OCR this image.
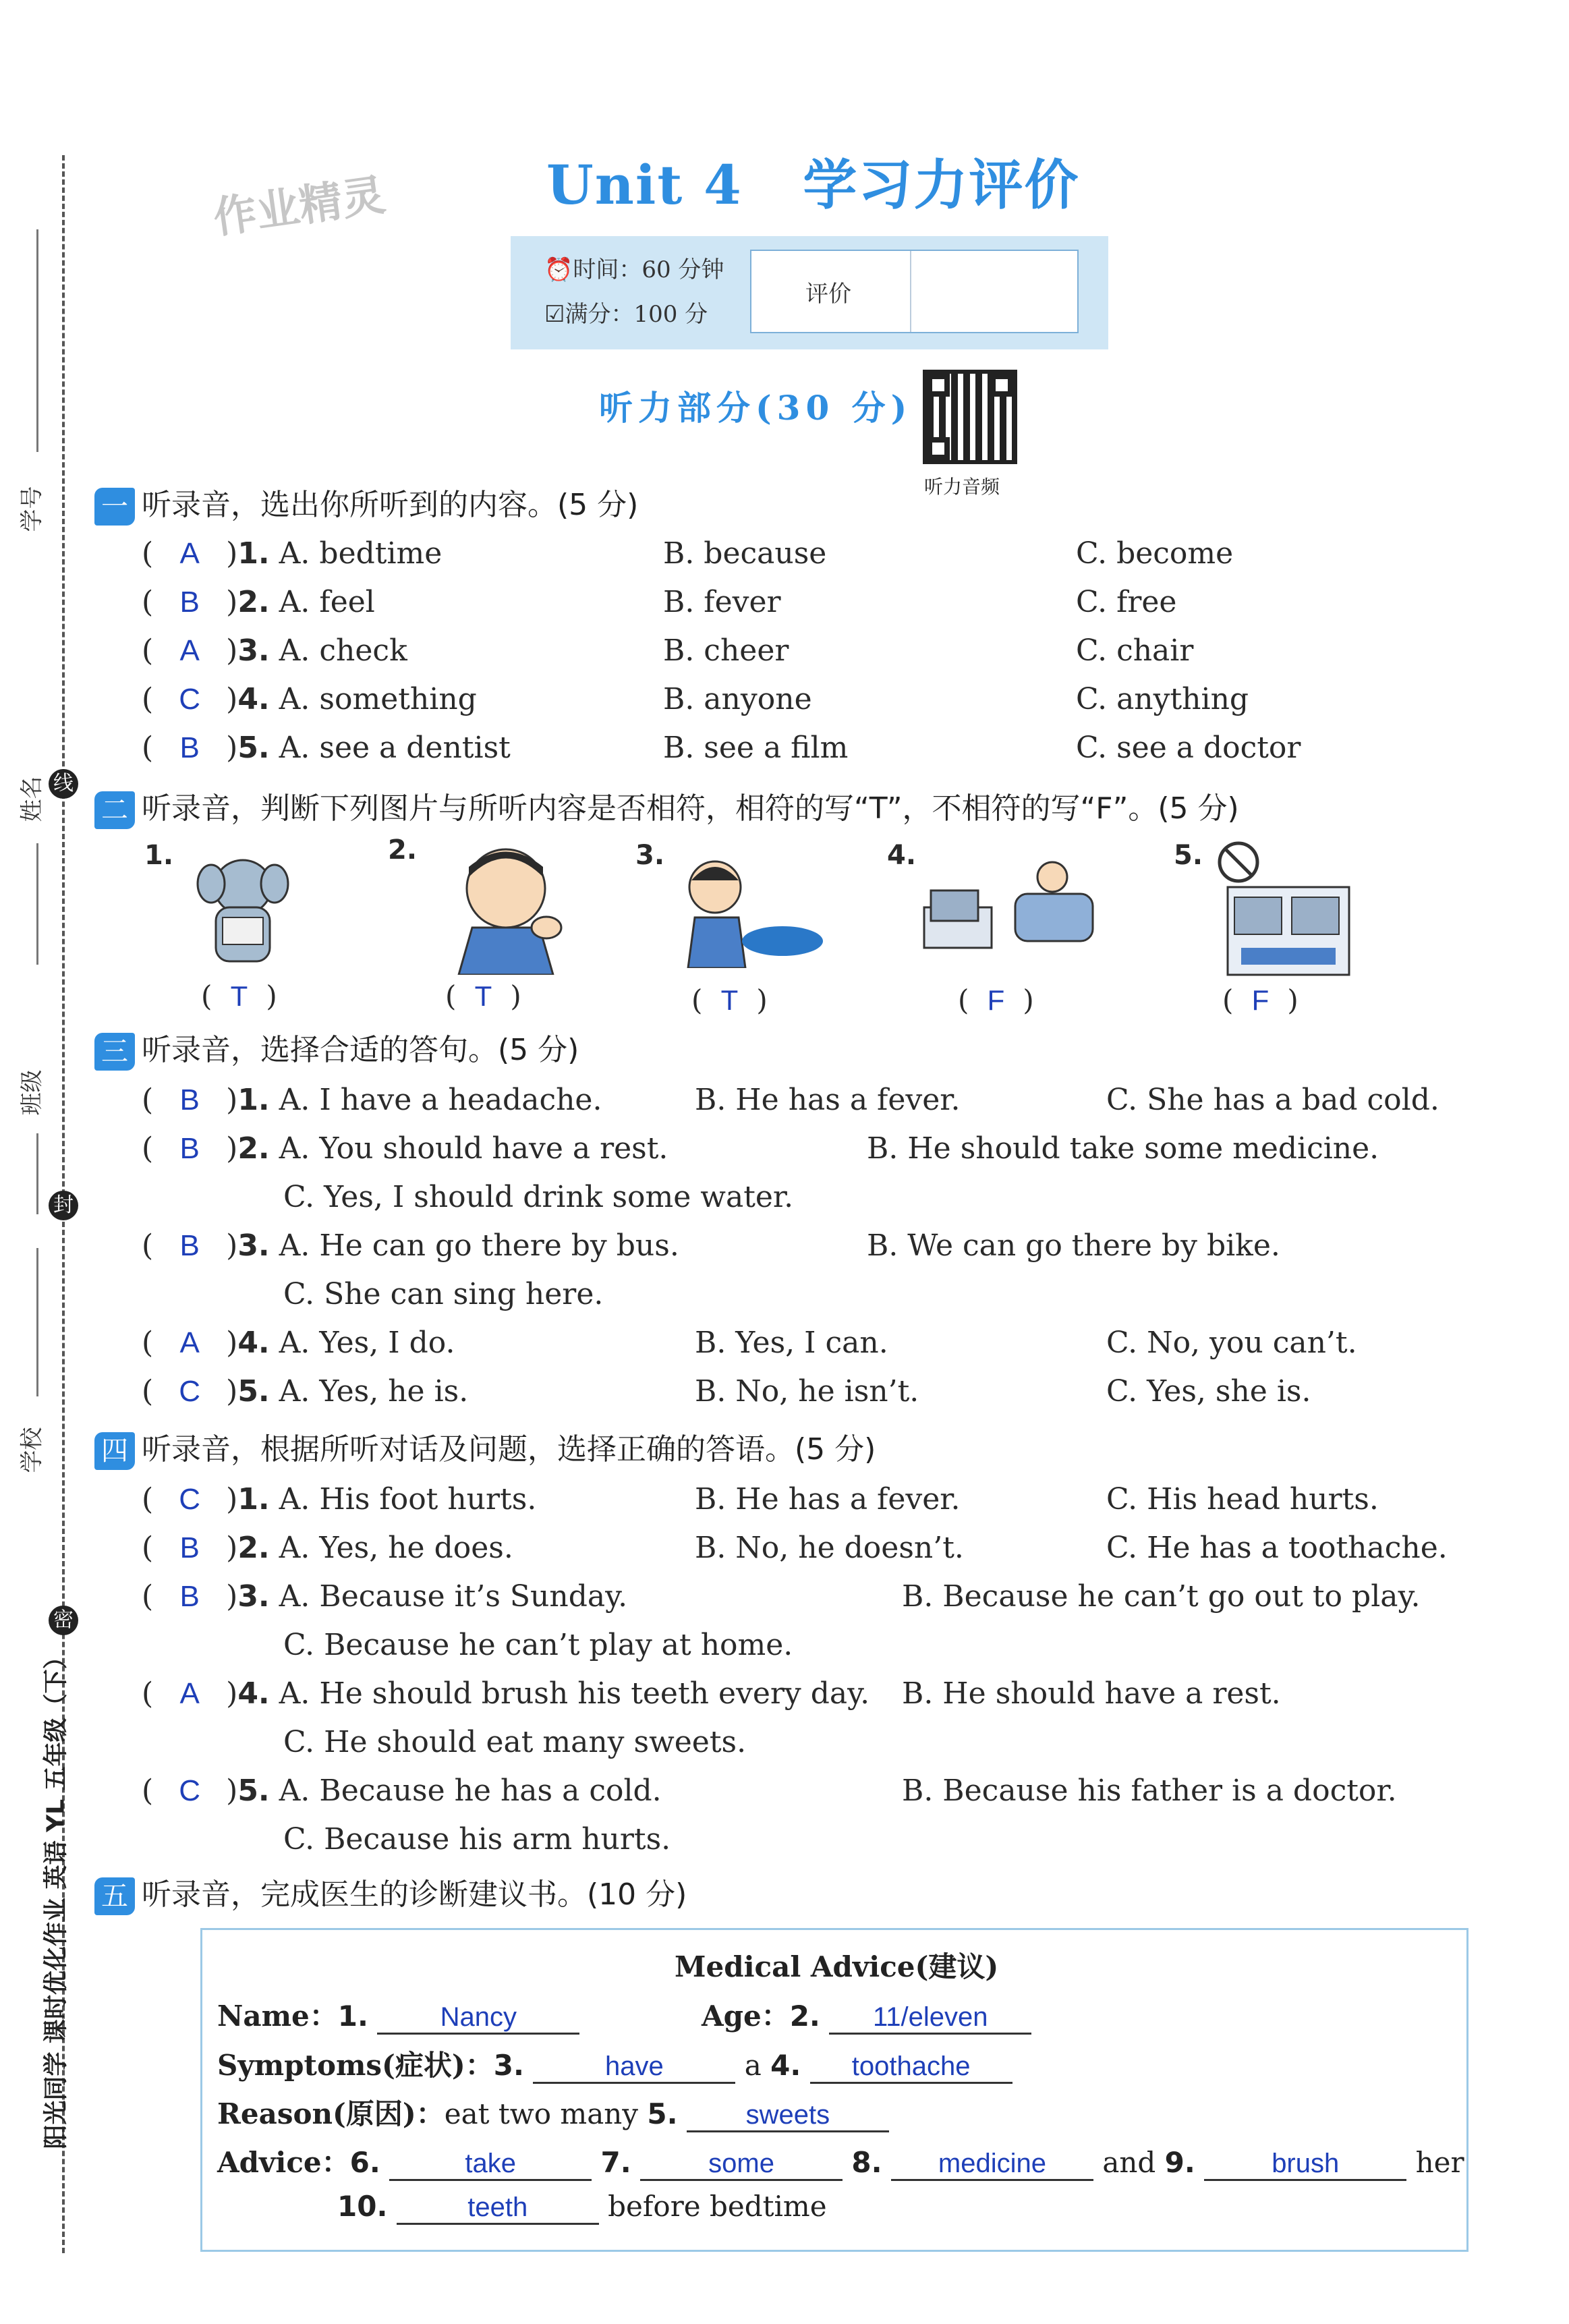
学号
姓名
班级
学校
线
封
密
阳光同学 课时优化作业 英语 YL 五年级（下）
作业精灵	Unit 4   学习力评价
⏰时间：60 分钟
☑满分：100 分
评价
听力部分(30 分)
听力音频
一 听录音，选出你所听到的内容。(5 分)
( A )1. A. bedtime	B. because	C. become
( B )2. A. feel	B. fever	C. free
( A )3. A. check	B. cheer	C. chair
( C )4. A. something	B. anyone	C. anything
( B )5. A. see a dentist	B. see a film	C. see a doctor
二 听录音，判断下列图片与所听内容是否相符，相符的写“T”，不相符的写“F”。(5 分)
1.
( T )
2.
( T )
3.
( T )
4.
( F )
5.
( F )
三 听录音，选择合适的答句。(5 分)
( B )1. A. I have a headache.	B. He has a fever.	C. She has a bad cold.
( B )2. A. You should have a rest.	B. He should take some medicine.
C. Yes, I should drink some water.
( B )3. A. He can go there by bus.	B. We can go there by bike.
C. She can sing here.
( A )4. A. Yes, I do.	B. Yes, I can.	C. No, you can’t.
( C )5. A. Yes, he is.	B. No, he isn’t.	C. Yes, she is.
四 听录音，根据所听对话及问题，选择正确的答语。(5 分)
( C )1. A. His foot hurts.	B. He has a fever.	C. His head hurts.
( B )2. A. Yes, he does.	B. No, he doesn’t.	C. He has a toothache.
( B )3. A. Because it’s Sunday.	B. Because he can’t go out to play.
C. Because he can’t play at home.
( A )4. A. He should brush his teeth every day. B. He should have a rest.
C. He should eat many sweets.
( C )5. A. Because he has a cold.	B. Because his father is a doctor.
C. Because his arm hurts.
五 听录音，完成医生的诊断建议书。(10 分)
Medical Advice(建议)
Name：1.	Nancy	Age：2. 11/eleven
Symptoms(症状)：3.	have	a 4. toothache
Reason(原因)：eat two many 5.	sweets
Advice：6.	take	7.	some	8. medicine and 9.	brush	her
10.	teeth	before bedtime
